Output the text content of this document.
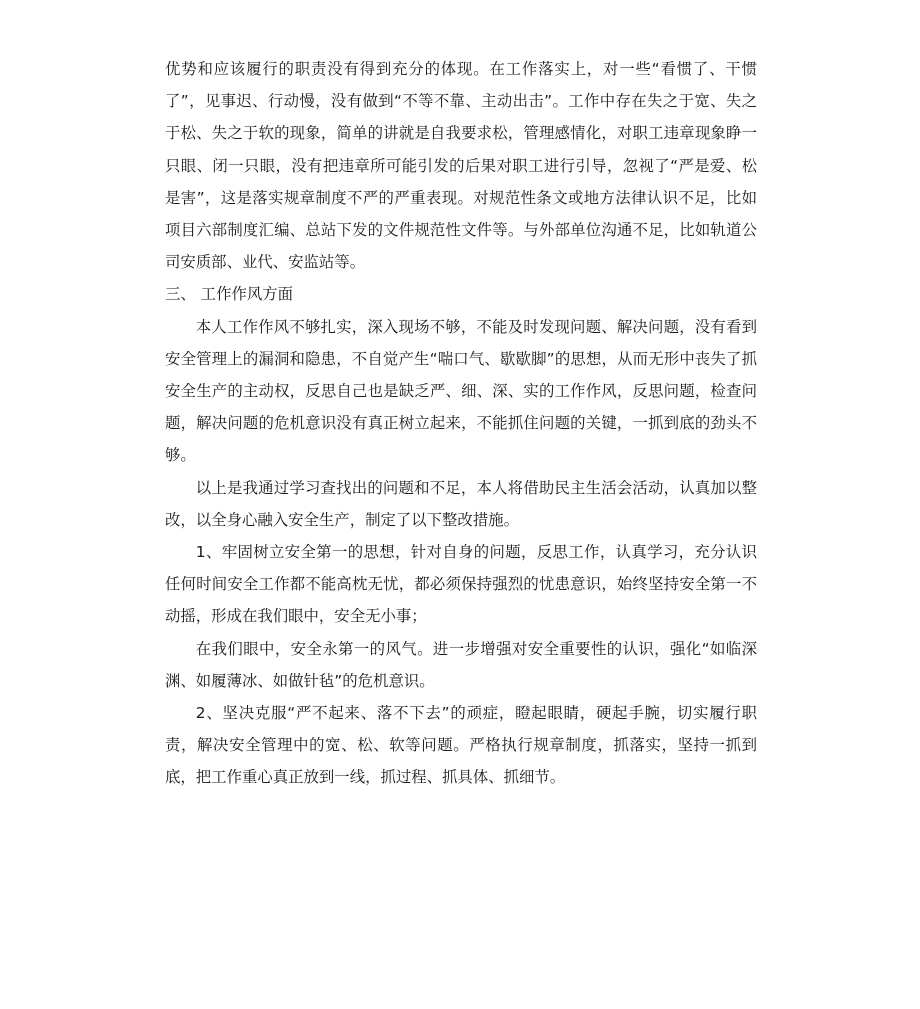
优势和应该履行的职责没有得到充分的体现。在工作落实上，对一些“看惯了、干惯了”，见事迟、行动慢，没有做到“不等不靠、主动出击”。工作中存在失之于宽、失之于松、失之于软的现象，简单的讲就是自我要求松，管理感情化，对职工违章现象睁一只眼、闭一只眼，没有把违章所可能引发的后果对职工进行引导，忽视了“严是爱、松是害”，这是落实规章制度不严的严重表现。对规范性条文或地方法律认识不足，比如项目六部制度汇编、总站下发的文件规范性文件等。与外部单位沟通不足，比如轨道公司安质部、业代、安监站等。

三、 工作作风方面

本人工作作风不够扎实，深入现场不够，不能及时发现问题、解决问题，没有看到安全管理上的漏洞和隐患，不自觉产生“喘口气、歇歇脚”的思想，从而无形中丧失了抓安全生产的主动权，反思自己也是缺乏严、细、深、实的工作作风，反思问题，检查问题，解决问题的危机意识没有真正树立起来，不能抓住问题的关键，一抓到底的劲头不够。

以上是我通过学习查找出的问题和不足，本人将借助民主生活会活动，认真加以整改，以全身心融入安全生产，制定了以下整改措施。

1、牢固树立安全第一的思想，针对自身的问题，反思工作，认真学习，充分认识任何时间安全工作都不能高枕无忧，都必须保持强烈的忧患意识，始终坚持安全第一不动摇，形成在我们眼中，安全无小事；

在我们眼中，安全永第一的风气。进一步增强对安全重要性的认识，强化“如临深渊、如履薄冰、如做针毡”的危机意识。

2、坚决克服“严不起来、落不下去”的顽症，瞪起眼睛，硬起手腕，切实履行职责，解决安全管理中的宽、松、软等问题。严格执行规章制度，抓落实，坚持一抓到底，把工作重心真正放到一线，抓过程、抓具体、抓细节。
